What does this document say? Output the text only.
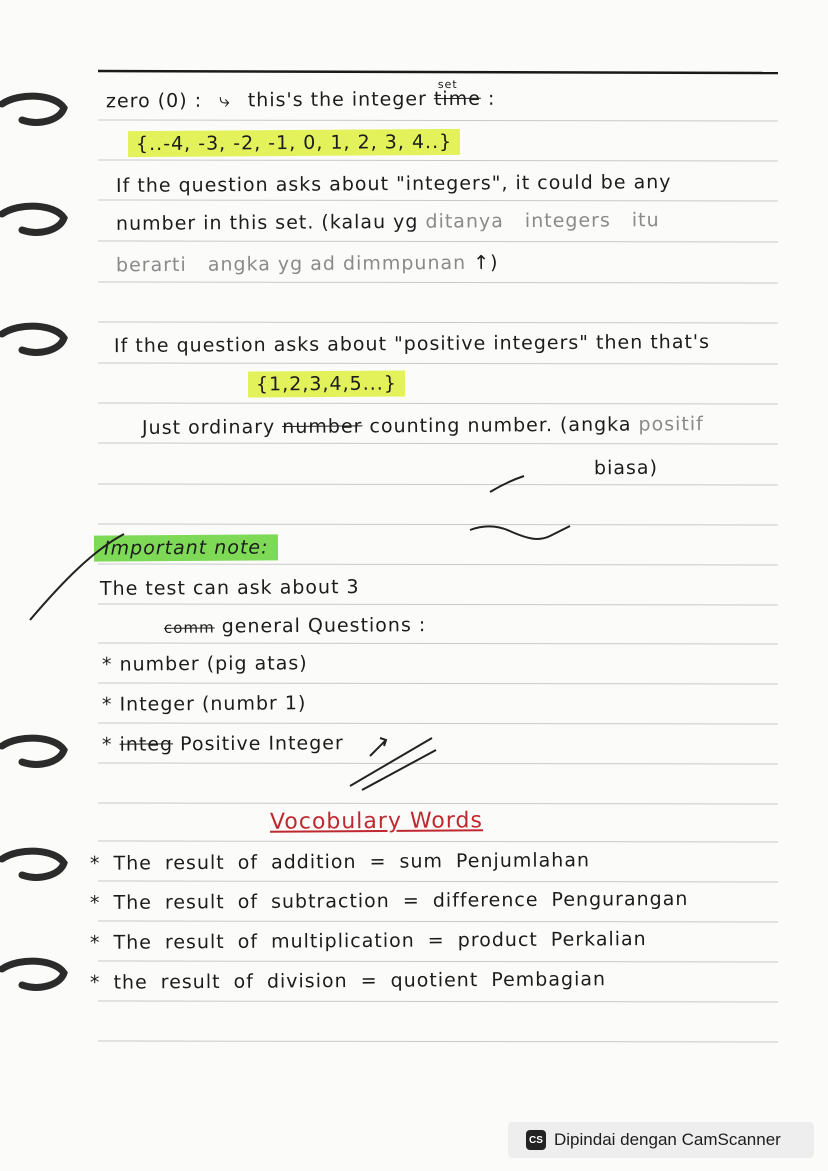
zero (0) : ⤷ this's the integer
set
time :
{..-4, -3, -2, -1, 0, 1, 2, 3, 4..}
If the question asks about "integers", it could be any
number in this set. (kalau yg ditanya integers itu
berarti angka yg ad dimmpunan ↑)
If the question asks about "positive integers" then that's
{1,2,3,4,5...}
Just ordinary number counting number. (angka positif
biasa)
Important note:
The test can ask about 3
comm general Questions :
* number (pig atas)
* Integer (numbr 1)
* integ Positive Integer
Vocobulary Words
* The result of addition = sum Penjumlahan
* The result of subtraction = difference Pengurangan
* The result of multiplication = product Perkalian
* the result of division = quotient Pembagian
CS Dipindai dengan CamScanner
